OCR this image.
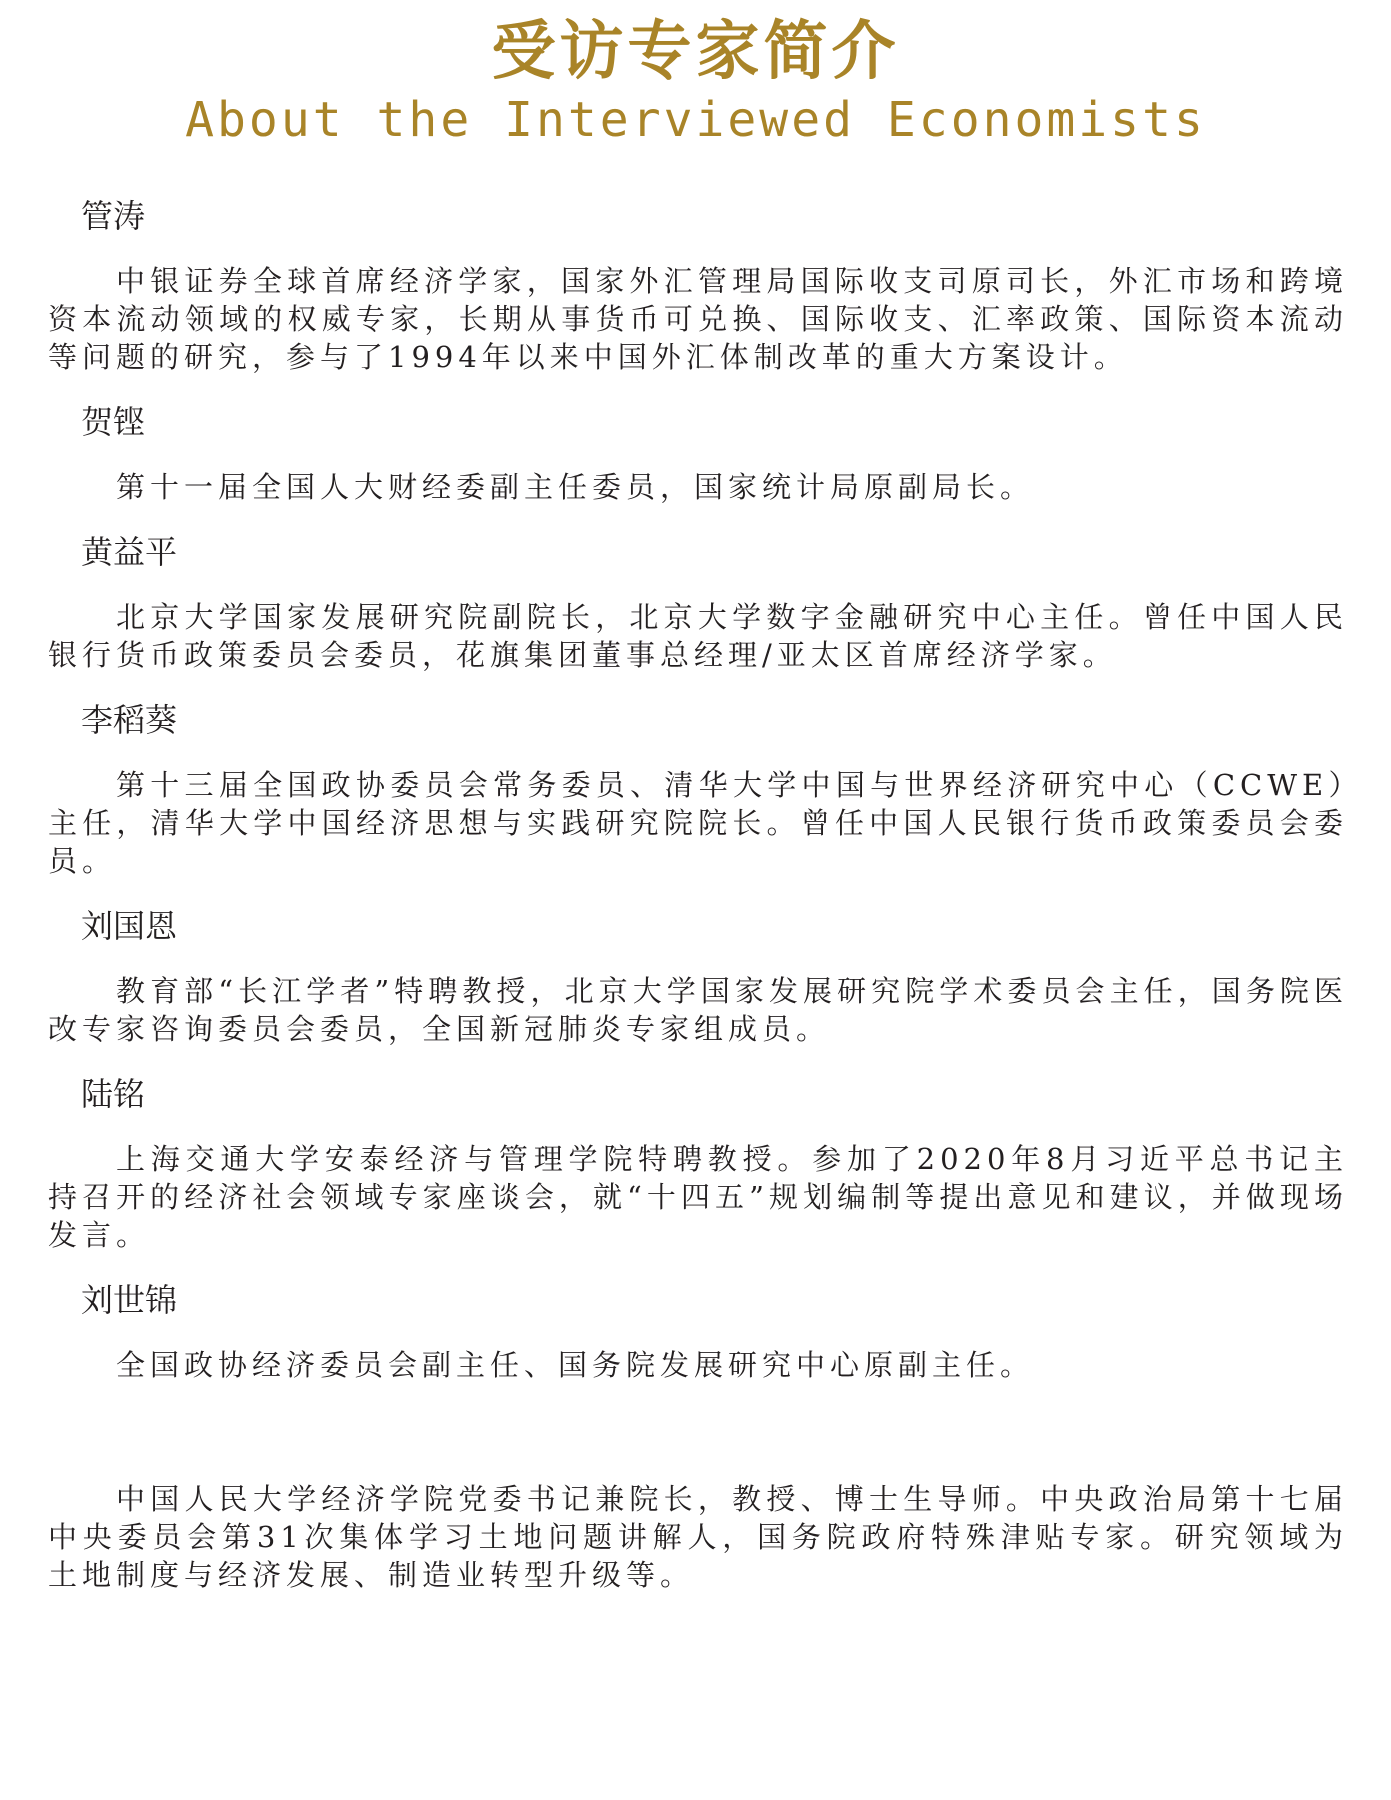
受访专家简介
About the Interviewed Economists
管涛
中银证券全球首席经济学家，国家外汇管理局国际收支司原司长，外汇市场和跨境资本流动领域的权威专家，长期从事货币可兑换、国际收支、汇率政策、国际资本流动等问题的研究，参与了1994年以来中国外汇体制改革的重大方案设计。
贺铿
第十一届全国人大财经委副主任委员，国家统计局原副局长。
黄益平
北京大学国家发展研究院副院长，北京大学数字金融研究中心主任。曾任中国人民银行货币政策委员会委员，花旗集团董事总经理/亚太区首席经济学家。
李稻葵
第十三届全国政协委员会常务委员、清华大学中国与世界经济研究中心（CCWE）主任，清华大学中国经济思想与实践研究院院长。曾任中国人民银行货币政策委员会委员。
刘国恩
教育部“长江学者”特聘教授，北京大学国家发展研究院学术委员会主任，国务院医改专家咨询委员会委员，全国新冠肺炎专家组成员。
陆铭
上海交通大学安泰经济与管理学院特聘教授。参加了2020年8月习近平总书记主持召开的经济社会领域专家座谈会，就“十四五”规划编制等提出意见和建议，并做现场发言。
刘世锦
全国政协经济委员会副主任、国务院发展研究中心原副主任。
中国人民大学经济学院党委书记兼院长，教授、博士生导师。中央政治局第十七届中央委员会第31次集体学习土地问题讲解人，国务院政府特殊津贴专家。研究领域为土地制度与经济发展、制造业转型升级等。
